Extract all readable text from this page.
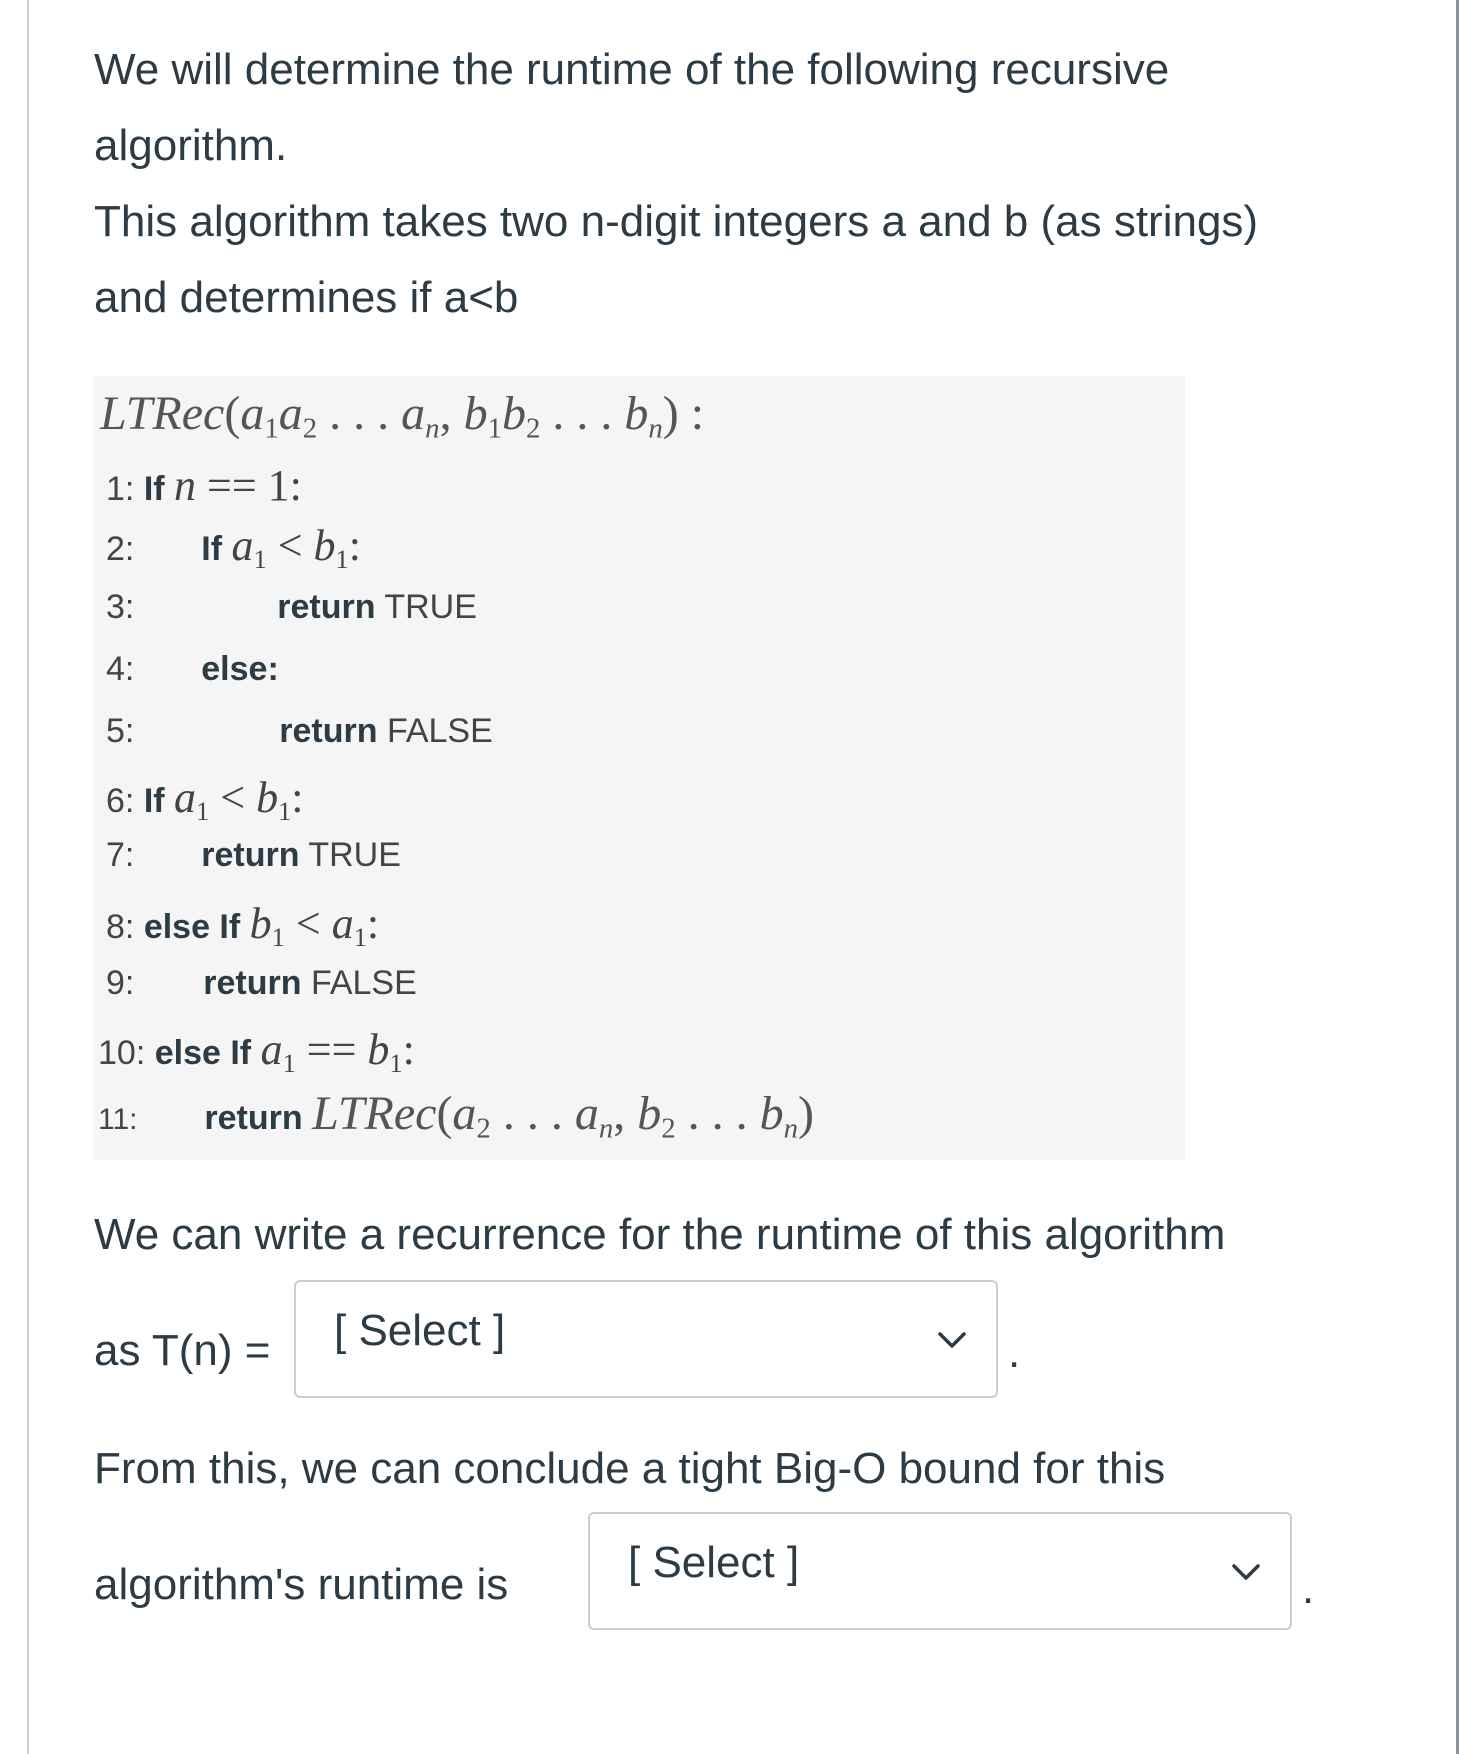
We will determine the runtime of the following recursive

algorithm.

This algorithm takes two n-digit integers a and b (as strings)

and determines if a<b

$LTRec(a_1a_2$ . . . $a_n$, $b_1b_2$ . . . $b_n$) :
1: If n == 1:
2: If $a_1 < b_1$:
3:	return TRUE
4: else:
5:	return FALSE
6: If $a_1 < b_1$:
7: return TRUE
8: else If $b_1 < a_1$:
9: return FALSE
10: else If $a_1 == b_1$:
11: return $LTRec(a_2$ . . . $a_n$, $b_2$ . . . $b_n$)
We can write a recurrence for the runtime of this algorithm
as T(n) = [ Select ]	.
From this, we can conclude a tight Big-O bound for this
algorithm's runtime is	[ Select ]
.
